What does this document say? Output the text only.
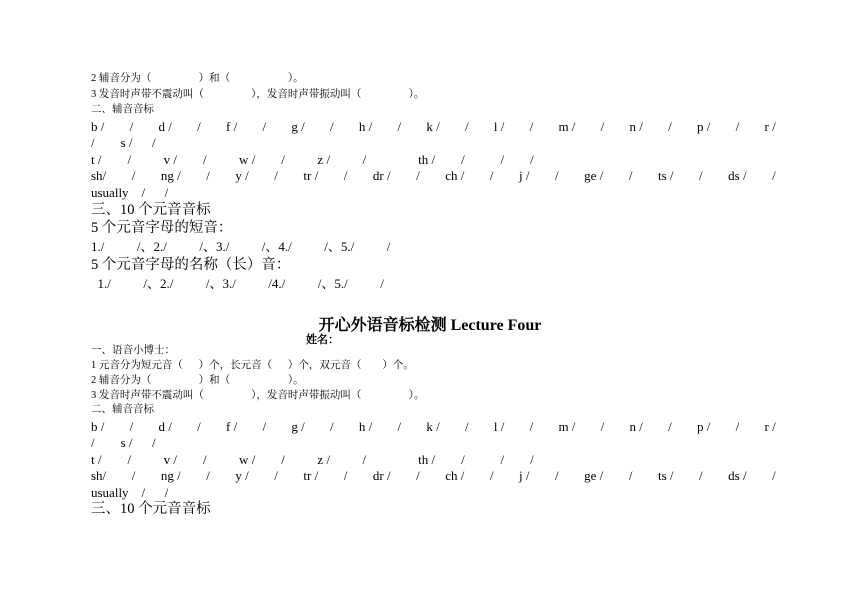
2 辅音分为（                  ）和（                      ）。
3 发音时声带不震动叫（                  ），发音时声带振动叫（                  ）。
二、辅音音标
b / / d / / f / / g / / h / / k / / l / / m / / n / / p / / r /
/        s /      /
t /        /          v /        /          w /        /          z /          /                th /        /           /        /
sh/ / ng / / y / / tr / / dr / / ch / / j / / ge / / ts / / ds / /
usually    /      /
三、10 个元音音标
5 个元音字母的短音：
1./          /、2./          /、3./          /、4./          /、5./          /
5 个元音字母的名称（长）音：
1./          /、2./          /、3./          /4./          /、5./          /
开心外语音标检测 Lecture Four
姓名：
一、语音小博士：
1 元音分为短元音（      ）个，长元音（      ）个，双元音（        ）个。
2 辅音分为（                  ）和（                      ）。
3 发音时声带不震动叫（                  ），发音时声带振动叫（                  ）。
二、辅音音标
b / / d / / f / / g / / h / / k / / l / / m / / n / / p / / r /
/        s /      /
t /        /          v /        /          w /        /          z /          /                th /        /           /        /
sh/ / ng / / y / / tr / / dr / / ch / / j / / ge / / ts / / ds / /
usually    /      /
三、10 个元音音标
